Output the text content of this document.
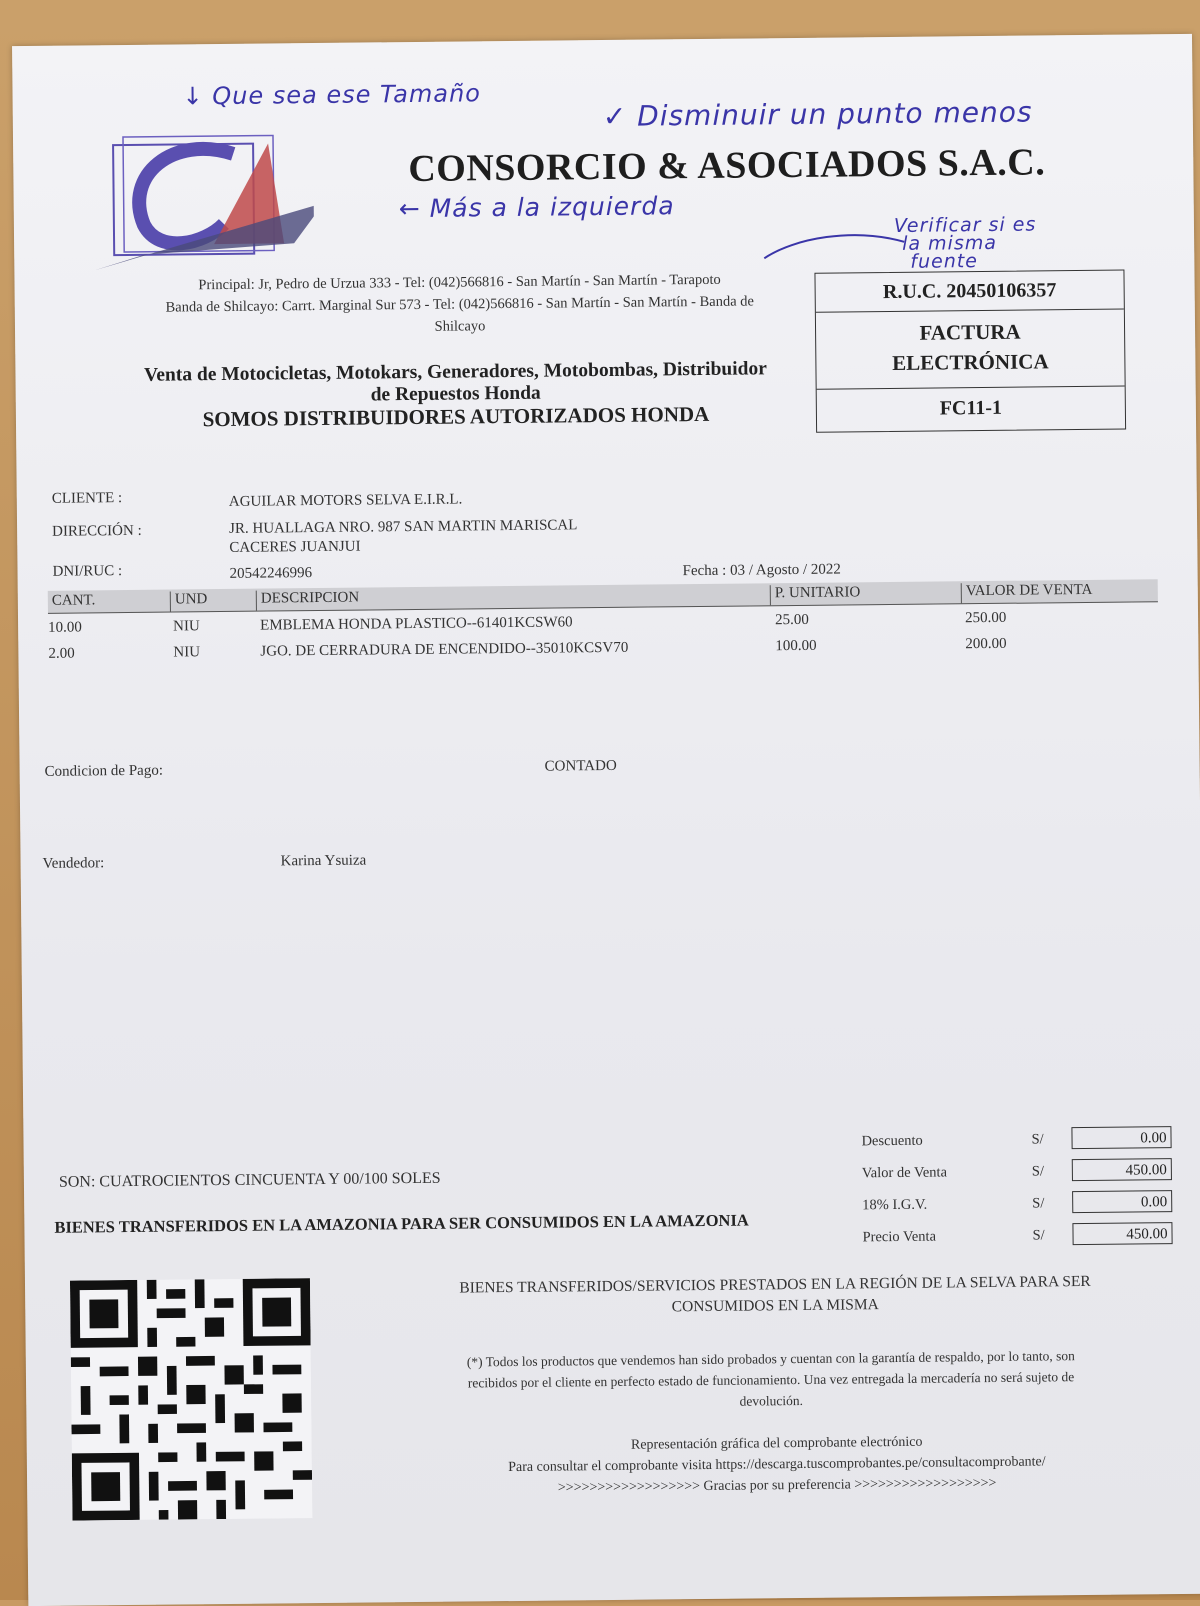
↓ Que sea ese Tamaño
✓ Disminuir un punto menos
← Más a la izquierda
Verificar si es
la misma
fuente
CONSORCIO & ASOCIADOS S.A.C.
Principal: Jr, Pedro de Urzua 333 - Tel: (042)566816 - San Martín - San Martín - Tarapoto
Banda de Shilcayo: Carrt. Marginal Sur 573 - Tel: (042)566816 - San Martín - San Martín - Banda de
Shilcayo
Venta de Motocicletas, Motokars, Generadores, Motobombas, Distribuidor
de Repuestos Honda
SOMOS DISTRIBUIDORES AUTORIZADOS HONDA
R.U.C. 20450106357
FACTURA
ELECTRÓNICA
FC11-1
CLIENTE :	AGUILAR MOTORS SELVA E.I.R.L.
DIRECCIÓN :	JR. HUALLAGA NRO. 987 SAN MARTIN MARISCAL
CACERES JUANJUI
DNI/RUC :	20542246996	Fecha : 03 / Agosto / 2022
CANT.	UND	DESCRIPCION	P. UNITARIO	VALOR DE VENTA
10.00	NIU	EMBLEMA HONDA PLASTICO--61401KCSW60	25.00	250.00
2.00	NIU	JGO. DE CERRADURA DE ENCENDIDO--35010KCSV70	100.00	200.00
Condicion de Pago:	CONTADO
Vendedor:	Karina Ysuiza
SON: CUATROCIENTOS CINCUENTA Y 00/100 SOLES
BIENES TRANSFERIDOS EN LA AMAZONIA PARA SER CONSUMIDOS EN LA AMAZONIA
Descuento	S/	0.00
Valor de Venta	S/	450.00
18% I.G.V.	S/	0.00
Precio Venta	S/	450.00
BIENES TRANSFERIDOS/SERVICIOS PRESTADOS EN LA REGIÓN DE LA SELVA PARA SER
CONSUMIDOS EN LA MISMA
(*) Todos los productos que vendemos han sido probados y cuentan con la garantía de respaldo, por lo tanto, son
recibidos por el cliente en perfecto estado de funcionamiento. Una vez entregada la mercadería no será sujeto de
devolución.
Representación gráfica del comprobante electrónico
Para consultar el comprobante visita https://descarga.tuscomprobantes.pe/consultacomprobante/
>>>>>>>>>>>>>>>>>> Gracias por su preferencia >>>>>>>>>>>>>>>>>>
